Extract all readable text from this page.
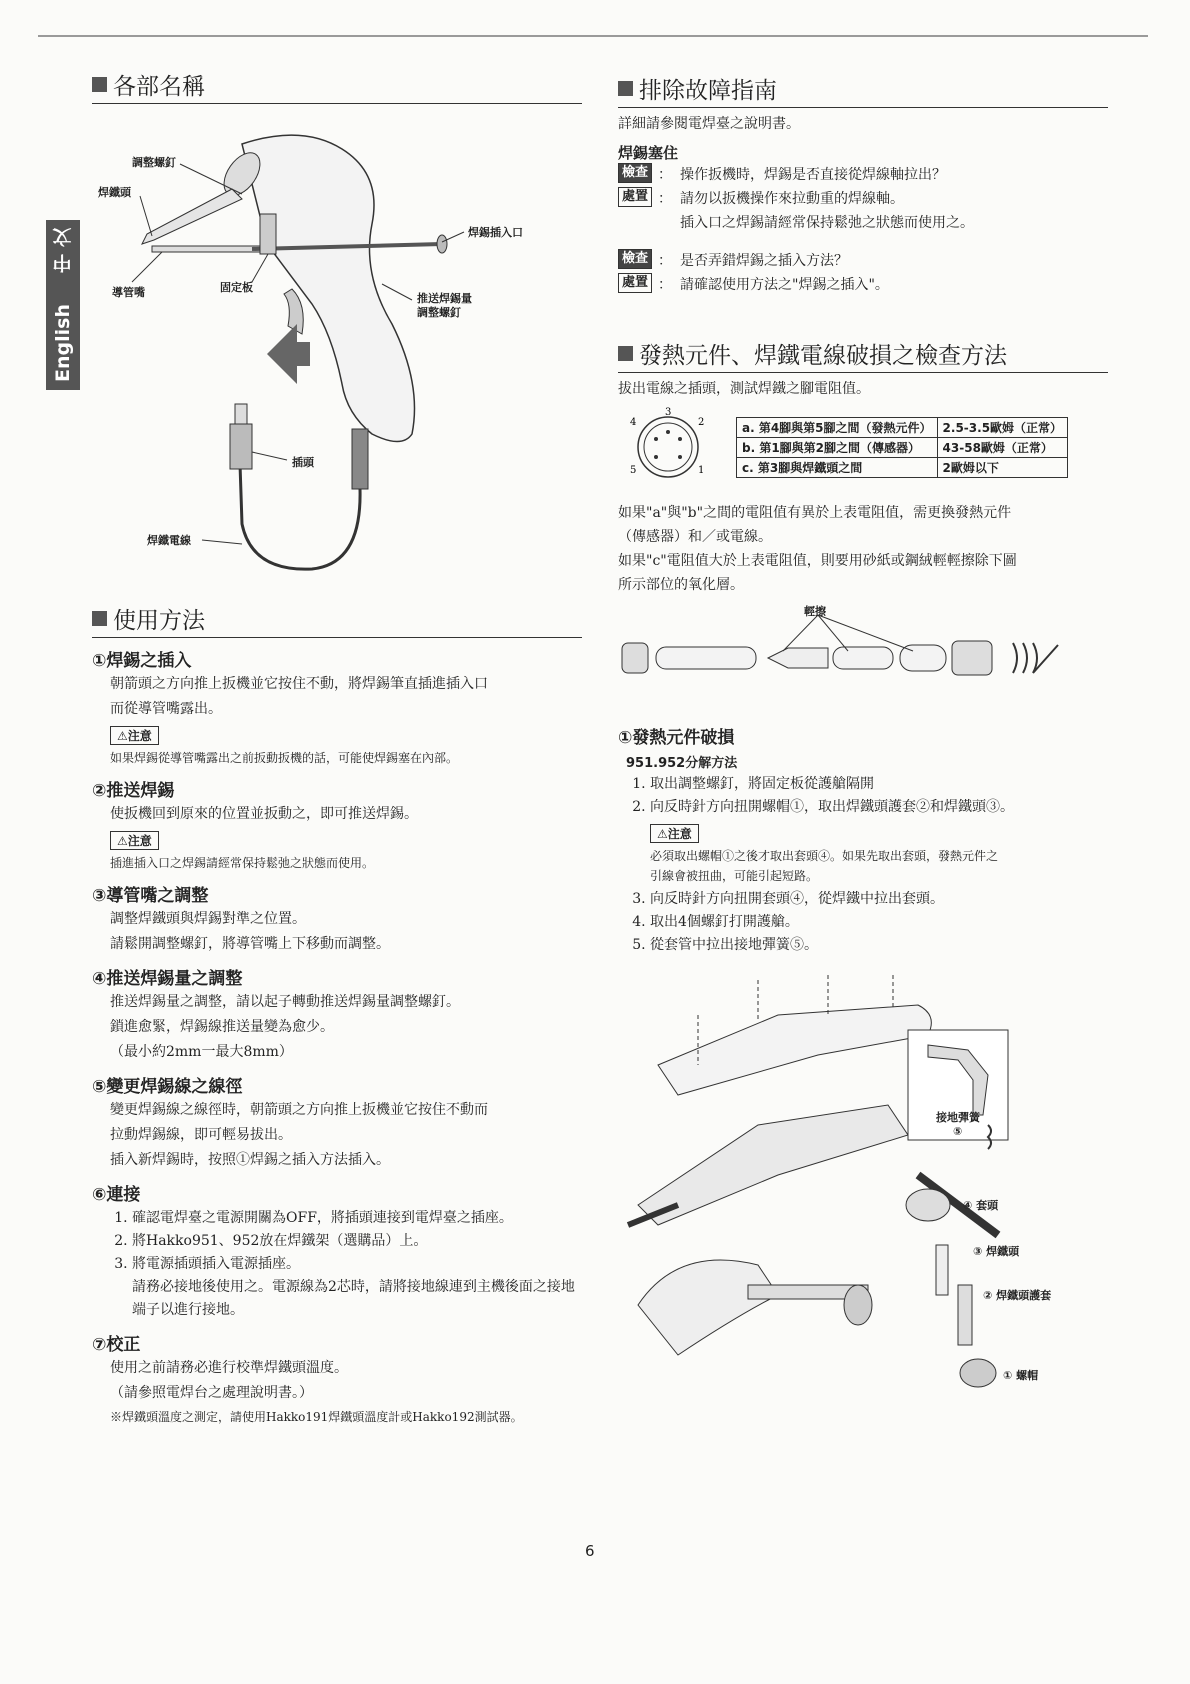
English
中 文
各部名稱
調整螺釘
焊鐵頭
焊錫插入口
導管嘴	固定板
推送焊錫量
調整螺釘
插頭
焊鐵電線
使用方法
①焊錫之插入
朝箭頭之方向推上扳機並它按住不動，將焊錫筆直插進插入口
而從導管嘴露出。
⚠注意
如果焊錫從導管嘴露出之前扳動扳機的話，可能使焊錫塞在內部。
②推送焊錫
使扳機回到原來的位置並扳動之，即可推送焊錫。
⚠注意
插進插入口之焊錫請經常保持鬆弛之狀態而使用。
③導管嘴之調整
調整焊鐵頭與焊錫對準之位置。
請鬆開調整螺釘，將導管嘴上下移動而調整。
④推送焊錫量之調整
推送焊錫量之調整，請以起子轉動推送焊錫量調整螺釘。
鎖進愈緊，焊錫線推送量變為愈少。
（最小約2mm一最大8mm）
⑤變更焊錫線之線徑
變更焊錫線之線徑時，朝箭頭之方向推上扳機並它按住不動而
拉動焊錫線，即可輕易拔出。
插入新焊錫時，按照①焊錫之插入方法插入。
⑥連接
1. 確認電焊臺之電源開關為OFF，將插頭連接到電焊臺之插座。
2. 將Hakko951、952放在焊鐵架（選購品）上。
3. 將電源插頭插入電源插座。
請務必接地後使用之。電源線為2芯時，請將接地線連到主機後面之接地端子以進行接地。
⑦校正
使用之前請務必進行校準焊鐵頭溫度。
（請參照電焊台之處理說明書。）
※焊鐵頭溫度之測定，請使用Hakko191焊鐵頭溫度計或Hakko192測試器。
排除故障指南
詳細請參閱電焊臺之說明書。
焊錫塞住
檢查 ： 操作扳機時，焊錫是否直接從焊線軸拉出？
處置 ： 請勿以扳機操作來拉動重的焊線軸。
插入口之焊錫請經常保持鬆弛之狀態而使用之。
檢查 ： 是否弄錯焊錫之插入方法？
處置 ： 請確認使用方法之"焊錫之插入"。
發熱元件、焊鐵電線破損之檢查方法
拔出電線之插頭，測試焊鐵之腳電阻值。
1
2
3
4
5
a. 第4腳與第5腳之間（發熱元件）	2.5-3.5歐姆（正常）
b. 第1腳與第2腳之間（傳感器）	43-58歐姆（正常）
c. 第3腳與焊鐵頭之間	2歐姆以下
如果"a"與"b"之間的電阻值有異於上表電阻值，需更換發熱元件
（傳感器）和／或電線。
如果"c"電阻值大於上表電阻值，則要用砂紙或鋼絨輕輕擦除下圖
所示部位的氧化層。
輕擦
①發熱元件破損
951.952分解方法
1. 取出調整螺釘，將固定板從護艙隔開
2. 向反時針方向扭開螺帽①，取出焊鐵頭護套②和焊鐵頭③。
⚠注意
必須取出螺帽①之後才取出套頭④。如果先取出套頭，發熱元件之
引線會被扭曲，可能引起短路。
3. 向反時針方向扭開套頭④，從焊鐵中拉出套頭。
4. 取出4個螺釘打開護艙。
5. 從套管中拉出接地彈簧⑤。
接地彈簧
⑤
④ 套頭
③ 焊鐵頭
② 焊鐵頭護套
① 螺帽
6
